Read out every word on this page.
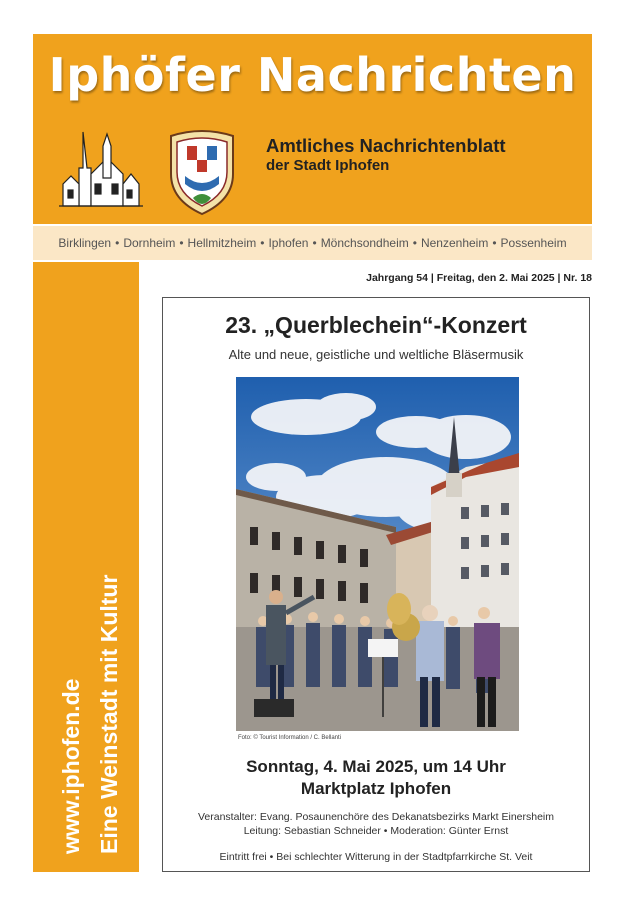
Iphöfer Nachrichten
Amtliches Nachrichtenblatt
der Stadt Iphofen
Birklingen • Dornheim • Hellmitzheim • Iphofen • Mönchsondheim • Nenzenheim • Possenheim
www.iphofen.de Eine Weinstadt mit Kultur
Jahrgang 54 | Freitag, den 2. Mai 2025 | Nr. 18
23. „Querblechein“-Konzert
Alte und neue, geistliche und weltliche Bläsermusik
Foto: © Tourist Information / C. Bellanti
Sonntag, 4. Mai 2025, um 14 Uhr
Marktplatz Iphofen
Veranstalter: Evang. Posaunenchöre des Dekanatsbezirks Markt Einersheim
Leitung: Sebastian Schneider • Moderation: Günter Ernst
Eintritt frei • Bei schlechter Witterung in der Stadtpfarrkirche St. Veit
